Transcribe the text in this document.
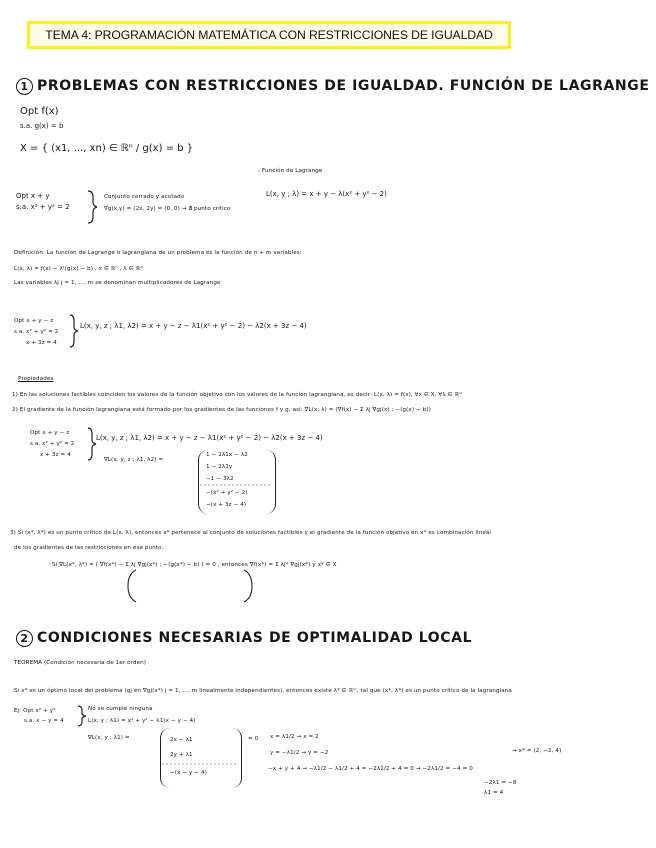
TEMA 4: PROGRAMACIÓN MATEMÁTICA CON RESTRICCIONES DE IGUALDAD
1 PROBLEMAS CON RESTRICCIONES DE IGUALDAD. FUNCIÓN DE LAGRANGE
Opt f(x)
s.a. g(x) = b
X = { (x1, ..., xn) ∈ ℝⁿ / g(x) = b }
- Función de Lagrange
L(x, y ; λ) = x + y − λ(x² + y² − 2)
Opt x + y
s.a. x² + y² = 2
Conjunto cerrado y acotado
∇g(x,y) = (2x, 2y) = (0, 0) → ∄ punto crítico
Definición: La función de Lagrange o lagrangiana de un problema es la función de n + m variables:
L(x, λ) = f(x) − λᵗ(g(x) − b) , x ∈ ℝⁿ , λ ∈ ℝᵐ
Las variables λj j = 1, ..., m se denominan multiplicadores de Lagrange
Opt x + y − z
s.a. x² + y² = 2
x + 3z = 4
L(x, y, z ; λ1, λ2) = x + y − z − λ1(x² + y² − 2) − λ2(x + 3z − 4)
Propiedades
1) En las soluciones factibles coinciden los valores de la función objetivo con los valores de la función lagrangiana, es decir: L(x, λ) = f(x), ∀x ∈ X, ∀λ ∈ ℝᵐ
2) El gradiente de la función lagrangiana está formado por los gradientes de las funciones f y g, así: ∇L(x, λ) = (∇f(x) − Σ λj ∇gj(x) ; −(g(x) − b))
Opt x + y − z
s.a. x² + y² = 2
x + 3z = 4
L(x, y, z ; λ1, λ2) = x + y − z − λ1(x² + y² − 2) − λ2(x + 3z − 4)
∇L(x, y, z ; λ1, λ2) =
1 − 2λ1x − λ2
1 − 2λ1y
−1 − 3λ2
−(x² + y² − 2)
−(x + 3z − 4)
3) Si (x*, λ*) es un punto crítico de L(x, λ), entonces x* pertenece al conjunto de soluciones factibles y el gradiente de la función objetivo en x* es combinación lineal
de los gradientes de las restricciones en ese punto.
Si ∇L(x*, λ*) = ( ∇f(x*) − Σ λj ∇gj(x*) ; −(g(x*) − b) ) = 0 , entonces ∇f(x*) = Σ λj* ∇gj(x*) y x* ∈ X
2 CONDICIONES NECESARIAS DE OPTIMALIDAD LOCAL
TEOREMA (Condición necesaria de 1er orden)
Si x* es un óptimo local del problema (gj en ∇gj(x*) j = 1, ..., m linealmente independientes), entonces existe λ* ∈ ℝᵐ, tal que (x*, λ*) es un punto crítico de la lagrangiana
Ej: Opt x² + y²
s.a. x − y = 4
No se cumple ninguna
L(x, y ; λ1) = x² + y² − λ1(x − y − 4)
∇L(x, y ; λ1) =	2x − λ1
2y + λ1
−(x − y − 4)
= 0 x = λ1/2 → x = 2
y = −λ1/2 → y = −2
−x + y + 4 → −λ1/2 − λ1/2 + 4 = −2λ1/2 + 4 = 0 → −2λ1/2 = −4 = 0
−2λ1 = −8
λ1 = 4
→ x* = (2, −2, 4)
